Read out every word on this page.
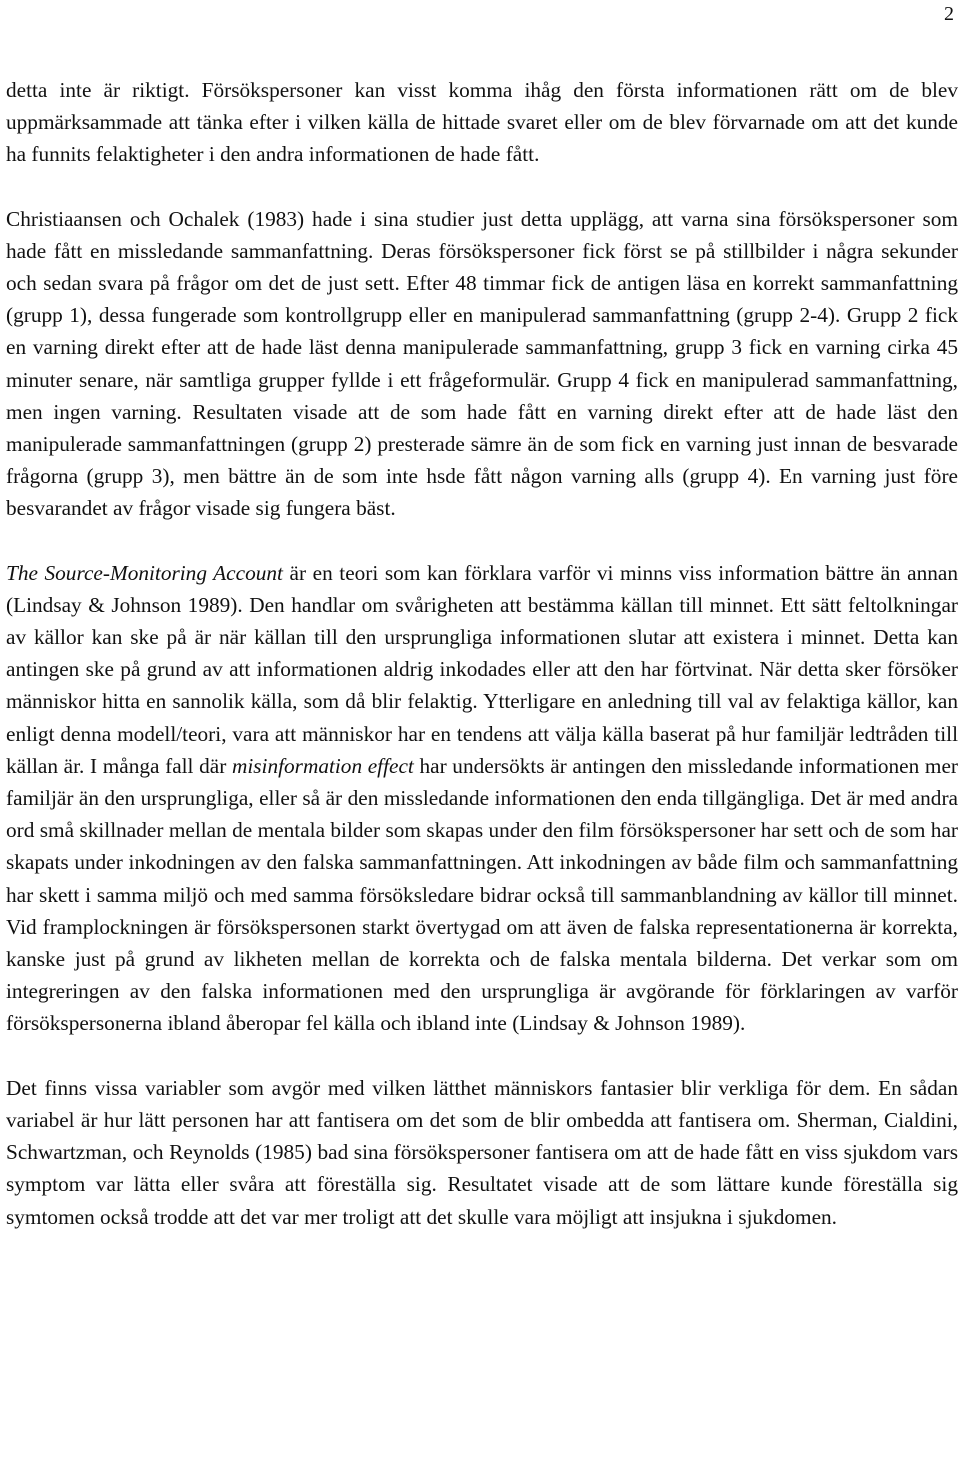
2

detta inte är riktigt. Försökspersoner kan visst komma ihåg den första informationen rätt om de blev uppmärksammade att tänka efter i vilken källa de hittade svaret eller om de blev förvarnade om att det kunde ha funnits felaktigheter i den andra informationen de hade fått.

Christiaansen och Ochalek (1983) hade i sina studier just detta upplägg, att varna sina försökspersoner som hade fått en missledande sammanfattning. Deras försökspersoner fick först se på stillbilder i några sekunder och sedan svara på frågor om det de just sett. Efter 48 timmar fick de antigen läsa en korrekt sammanfattning (grupp 1), dessa fungerade som kontrollgrupp eller en manipulerad sammanfattning (grupp 2-4). Grupp 2 fick en varning direkt efter att de hade läst denna manipulerade sammanfattning, grupp 3 fick en varning cirka 45 minuter senare, när samtliga grupper fyllde i ett frågeformulär. Grupp 4 fick en manipulerad sammanfattning, men ingen varning. Resultaten visade att de som hade fått en varning direkt efter att de hade läst den manipulerade sammanfattningen (grupp 2) presterade sämre än de som fick en varning just innan de besvarade frågorna (grupp 3), men bättre än de som inte hsde fått någon varning alls (grupp 4). En varning just före besvarandet av frågor visade sig fungera bäst.

The Source-Monitoring Account är en teori som kan förklara varför vi minns viss information bättre än annan (Lindsay & Johnson 1989). Den handlar om svårigheten att bestämma källan till minnet. Ett sätt feltolkningar av källor kan ske på är när källan till den ursprungliga informationen slutar att existera i minnet. Detta kan antingen ske på grund av att informationen aldrig inkodades eller att den har förtvinat. När detta sker försöker människor hitta en sannolik källa, som då blir felaktig. Ytterligare en anledning till val av felaktiga källor, kan enligt denna modell/teori, vara att människor har en tendens att välja källa baserat på hur familjär ledtråden till källan är. I många fall där misinformation effect har undersökts är antingen den missledande informationen mer familjär än den ursprungliga, eller så är den missledande informationen den enda tillgängliga. Det är med andra ord små skillnader mellan de mentala bilder som skapas under den film försökspersoner har sett och de som har skapats under inkodningen av den falska sammanfattningen. Att inkodningen av både film och sammanfattning har skett i samma miljö och med samma försöksledare bidrar också till sammanblandning av källor till minnet. Vid framplockningen är försökspersonen starkt övertygad om att även de falska representationerna är korrekta, kanske just på grund av likheten mellan de korrekta och de falska mentala bilderna. Det verkar som om integreringen av den falska informationen med den ursprungliga är avgörande för förklaringen av varför försökspersonerna ibland åberopar fel källa och ibland inte (Lindsay & Johnson 1989).

Det finns vissa variabler som avgör med vilken lätthet människors fantasier blir verkliga för dem. En sådan variabel är hur lätt personen har att fantisera om det som de blir ombedda att fantisera om. Sherman, Cialdini, Schwartzman, och Reynolds (1985) bad sina försökspersoner fantisera om att de hade fått en viss sjukdom vars symptom var lätta eller svåra att föreställa sig. Resultatet visade att de som lättare kunde föreställa sig symtomen också trodde att det var mer troligt att det skulle vara möjligt att insjukna i sjukdomen.
